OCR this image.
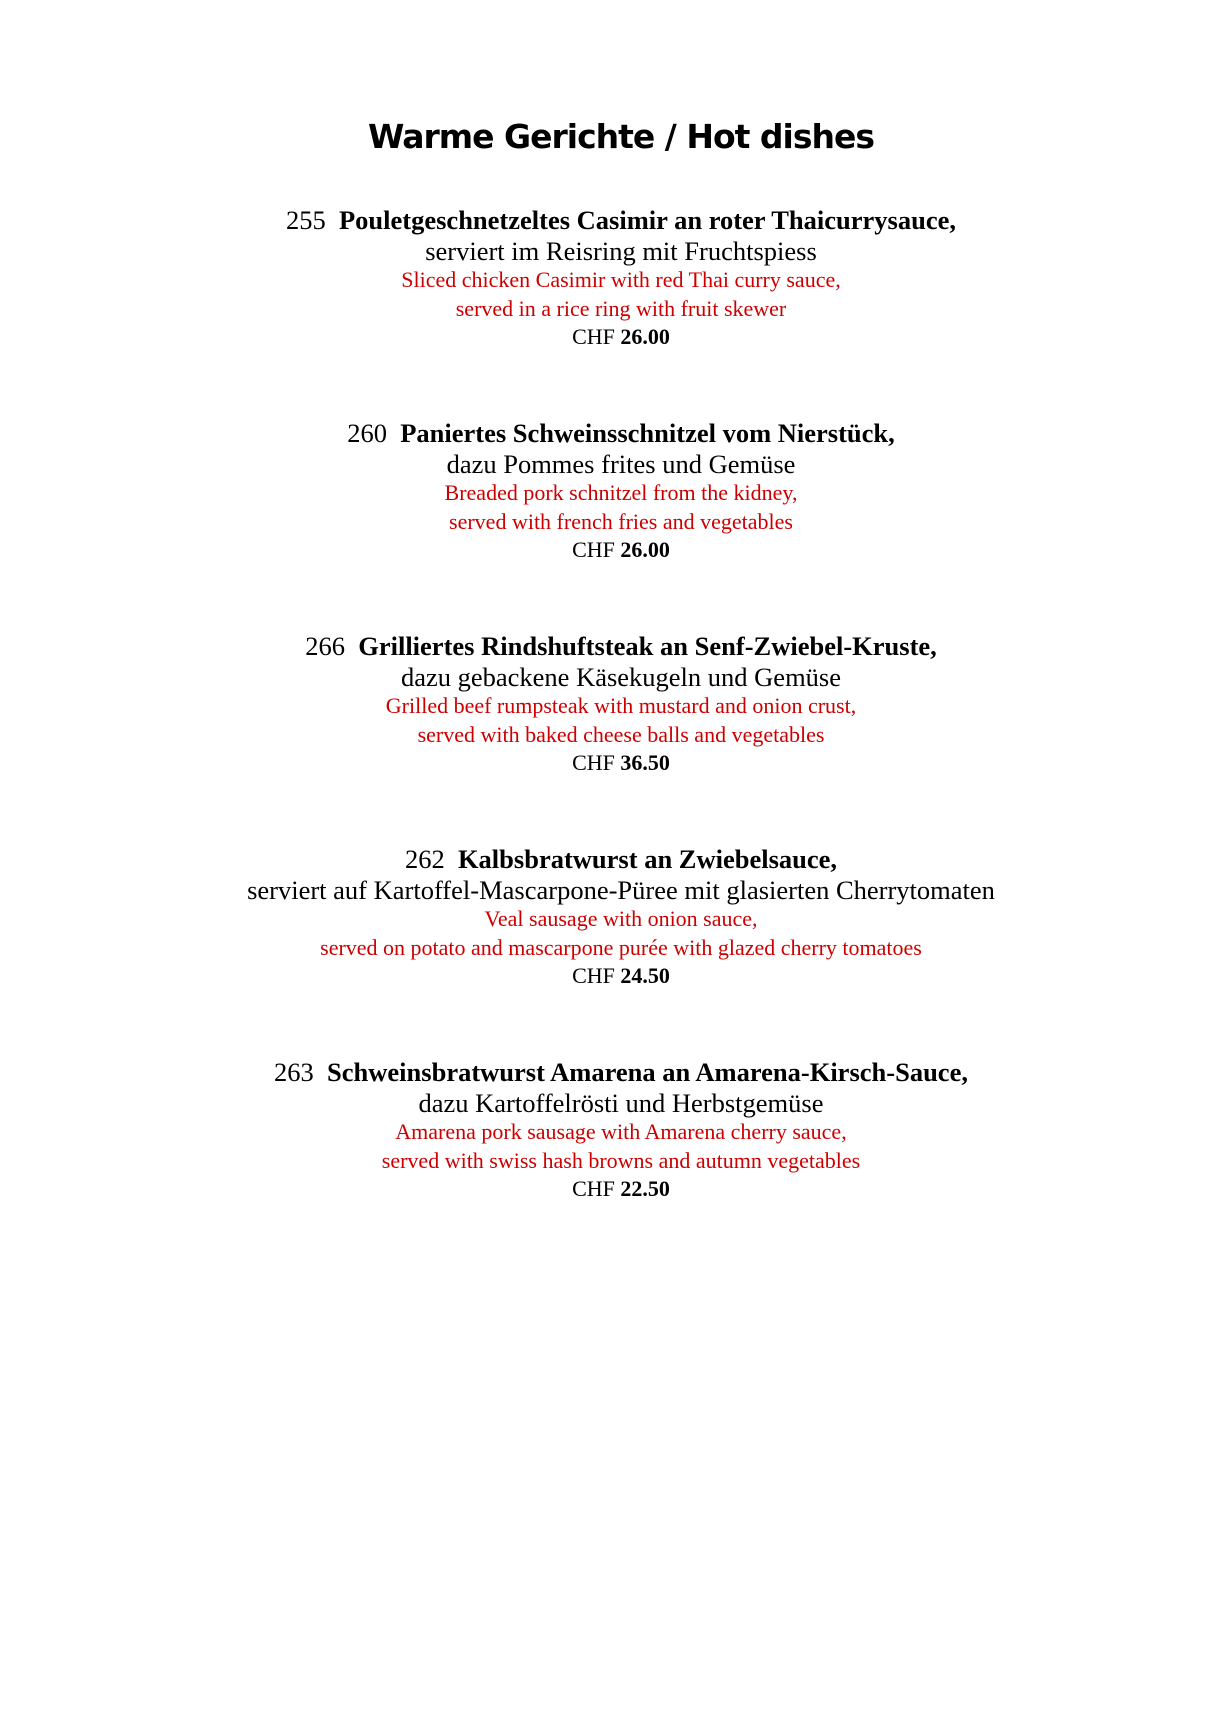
Warme Gerichte / Hot dishes
255 Pouletgeschnetzeltes Casimir an roter Thaicurrysauce,
serviert im Reisring mit Fruchtspiess
Sliced chicken Casimir with red Thai curry sauce,
served in a rice ring with fruit skewer
CHF 26.00
260 Paniertes Schweinsschnitzel vom Nierstück,
dazu Pommes frites und Gemüse
Breaded pork schnitzel from the kidney,
served with french fries and vegetables
CHF 26.00
266 Grilliertes Rindshuftsteak an Senf-Zwiebel-Kruste,
dazu gebackene Käsekugeln und Gemüse
Grilled beef rumpsteak with mustard and onion crust,
served with baked cheese balls and vegetables
CHF 36.50
262 Kalbsbratwurst an Zwiebelsauce,
serviert auf Kartoffel-Mascarpone-Püree mit glasierten Cherrytomaten
Veal sausage with onion sauce,
served on potato and mascarpone purée with glazed cherry tomatoes
CHF 24.50
263 Schweinsbratwurst Amarena an Amarena-Kirsch-Sauce,
dazu Kartoffelrösti und Herbstgemüse
Amarena pork sausage with Amarena cherry sauce,
served with swiss hash browns and autumn vegetables
CHF 22.50
